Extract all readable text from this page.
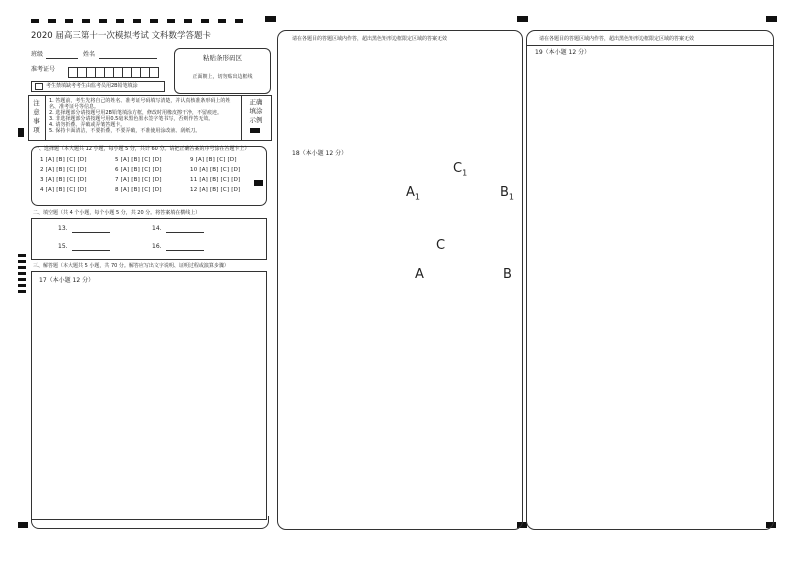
2020 届高三第十一次模拟考试 文科数学答题卡
班级	姓名
准考证号
粘贴条形码区
正面朝上，切勿贴出边框线
考生禁填缺考考生由监考员用2B铅笔填涂
注意事项
1. 答题前，考生先将自己的姓名、准考证号码填写清楚，并认真核准条形码上的姓名、准考证号等信息。
2. 选择题部分请按题号用2B铅笔填涂方框，修改时用橡皮擦干净，不留痕迹。
3. 非选择题部分请按题号用0.5毫米黑色墨水签字笔书写，否则作答无效。
4. 请勿折叠、弄破或弄皱答题卡。
5. 保持卡面清洁，不要折叠，不要弄破，不准使用涂改液、刮纸刀。
正确填涂示例
一、选择题（本大题共 12 小题，每小题 5 分，共计 60 分。请把正确答案的序号涂在答题卡上）
1 [A] [B] [C] [D]	5 [A] [B] [C] [D]	9 [A] [B] [C] [D]
2 [A] [B] [C] [D]	6 [A] [B] [C] [D]	10 [A] [B] [C] [D]
3 [A] [B] [C] [D]	7 [A] [B] [C] [D]	11 [A] [B] [C] [D]
4 [A] [B] [C] [D]	8 [A] [B] [C] [D]	12 [A] [B] [C] [D]
二、填空题（共 4 个小题，每个小题 5 分，共 20 分。将答案填在横线上）
13.	14.
15.	16.
三、解答题（本大题共 5 小题，共 70 分。解答应写出文字说明、证明过程或演算步骤）
17（本小题 12 分）
请在各题目的答题区域内作答，超出黑色矩形边框限定区域的答案无效
18（本小题 12 分）
$C_1$
$A_1$	$B_1$
C
A	B
请在各题目的答题区域内作答，超出黑色矩形边框限定区域的答案无效
19（本小题 12 分）
